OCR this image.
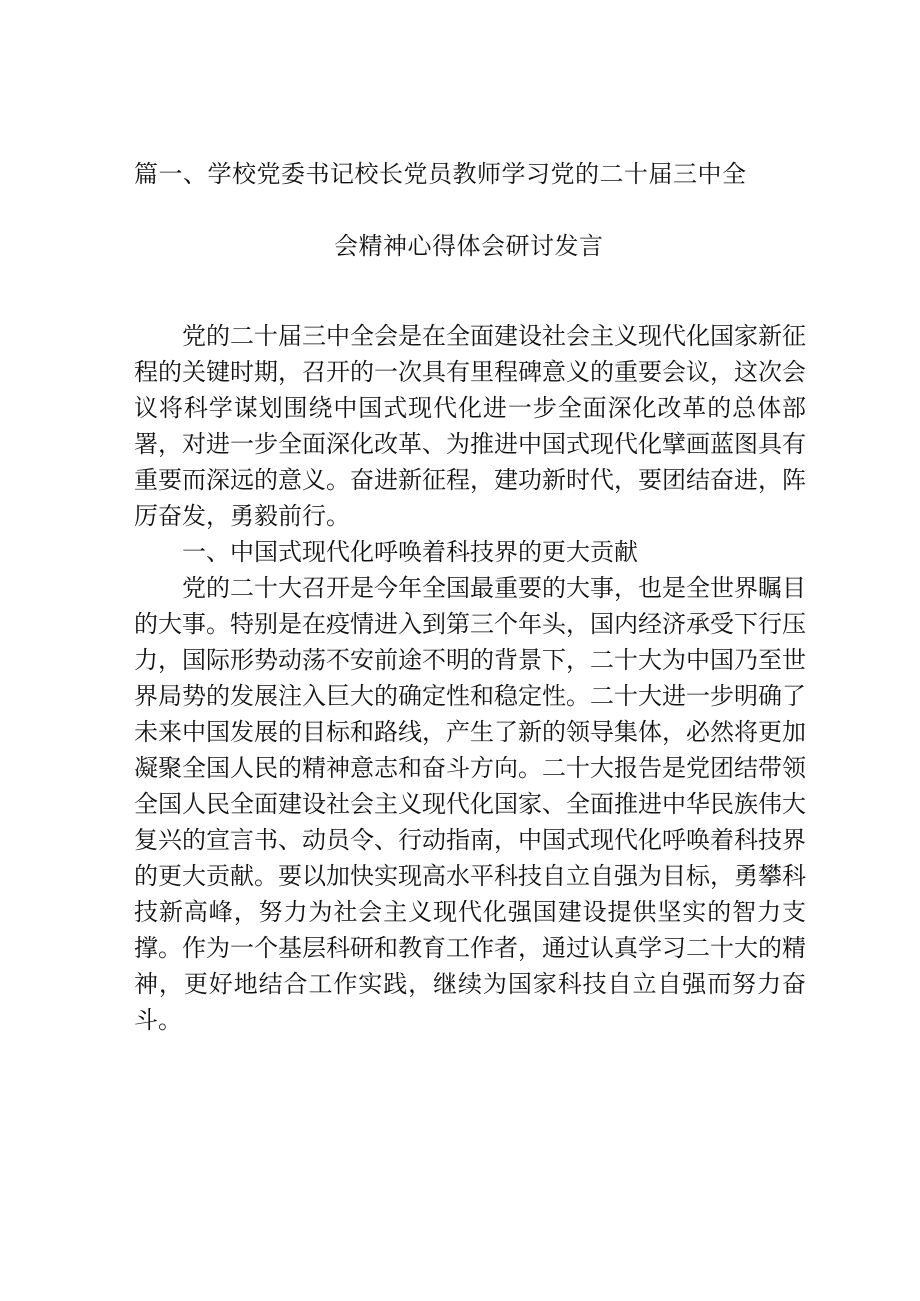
篇一、学校党委书记校长党员教师学习党的二十届三中全
会精神心得体会研讨发言

党的二十届三中全会是在全面建设社会主义现代化国家新征程的关键时期，召开的一次具有里程碑意义的重要会议，这次会议将科学谋划围绕中国式现代化进一步全面深化改革的总体部署，对进一步全面深化改革、为推进中国式现代化擘画蓝图具有重要而深远的意义。奋进新征程，建功新时代，要团结奋进，阵厉奋发，勇毅前行。

一、中国式现代化呼唤着科技界的更大贡献

党的二十大召开是今年全国最重要的大事，也是全世界瞩目的大事。特别是在疫情进入到第三个年头，国内经济承受下行压力，国际形势动荡不安前途不明的背景下，二十大为中国乃至世界局势的发展注入巨大的确定性和稳定性。二十大进一步明确了未来中国发展的目标和路线，产生了新的领导集体，必然将更加凝聚全国人民的精神意志和奋斗方向。二十大报告是党团结带领全国人民全面建设社会主义现代化国家、全面推进中华民族伟大复兴的宣言书、动员令、行动指南，中国式现代化呼唤着科技界的更大贡献。要以加快实现高水平科技自立自强为目标，勇攀科技新高峰，努力为社会主义现代化强国建设提供坚实的智力支撑。作为一个基层科研和教育工作者，通过认真学习二十大的精神，更好地结合工作实践，继续为国家科技自立自强而努力奋斗。
